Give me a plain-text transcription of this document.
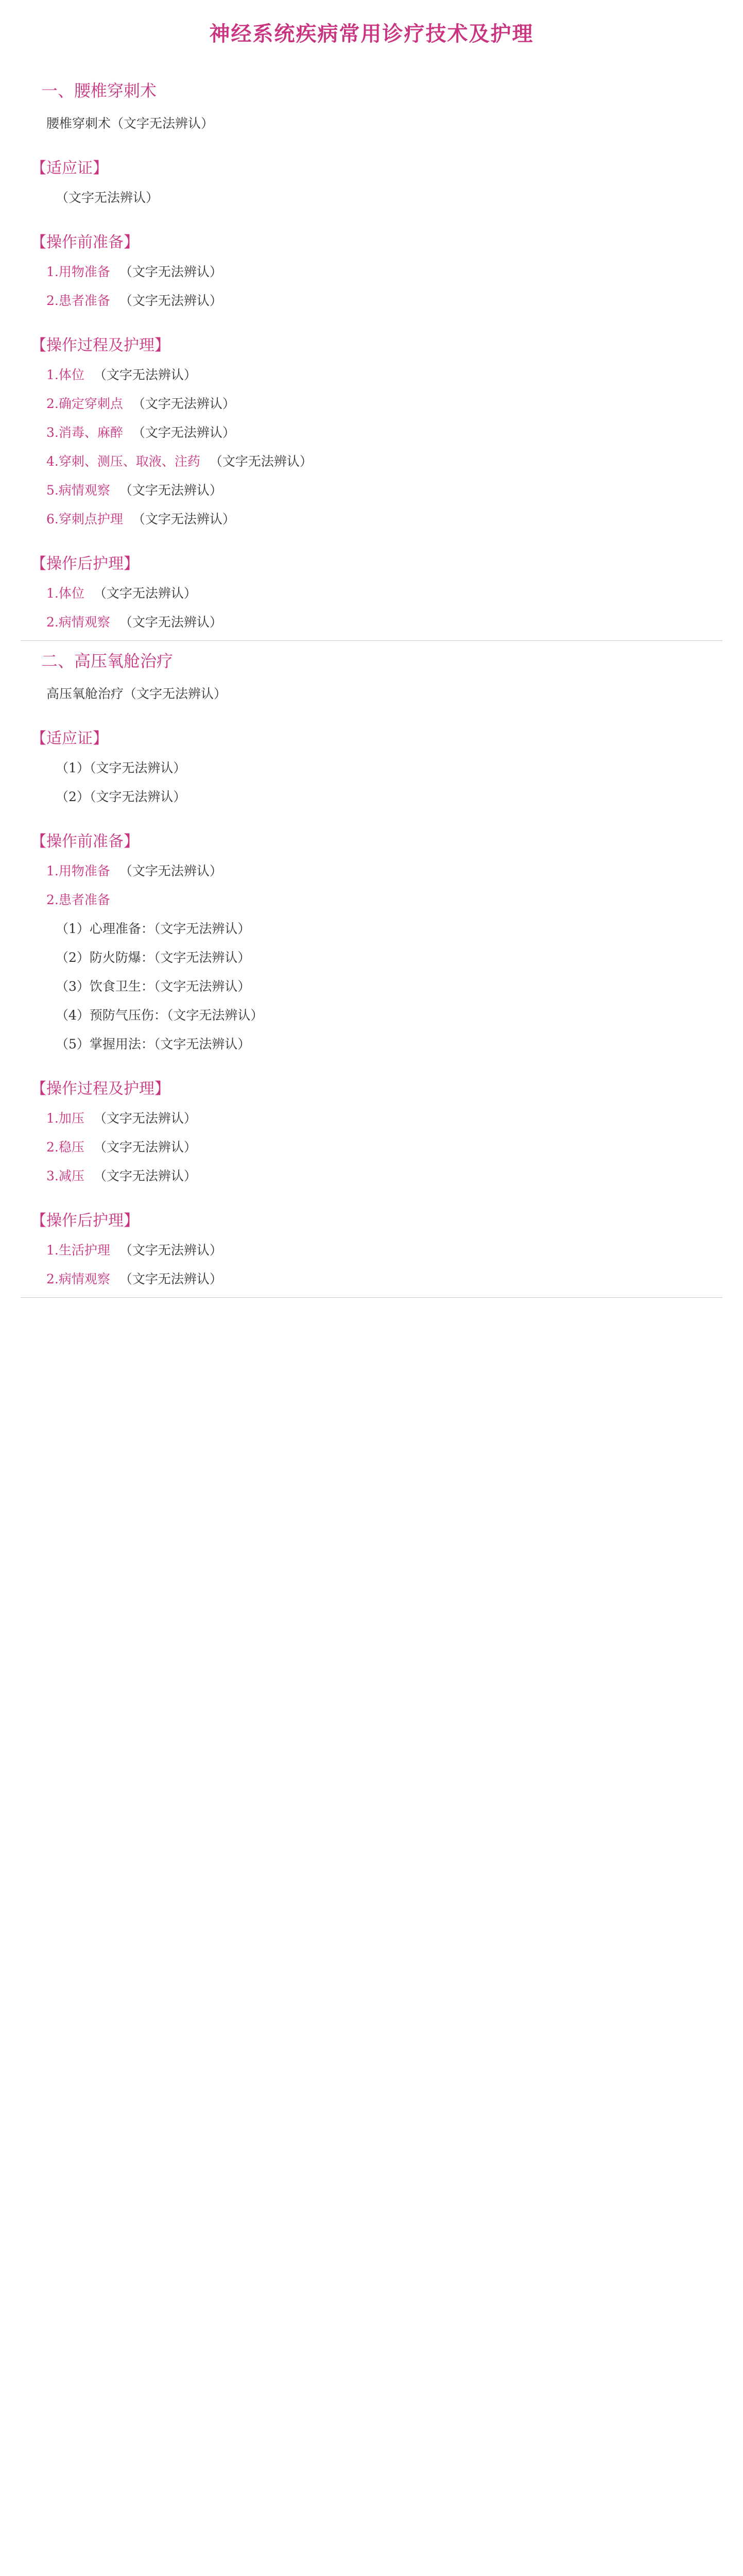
神经系统疾病常用诊疗技术及护理
一、腰椎穿刺术

腰椎穿刺术（文字无法辨认）

【适应证】

（文字无法辨认）

【操作前准备】

1.用物准备 （文字无法辨认）

2.患者准备 （文字无法辨认）

【操作过程及护理】

1.体位 （文字无法辨认）

2.确定穿刺点 （文字无法辨认）

3.消毒、麻醉 （文字无法辨认）

4.穿刺、测压、取液、注药 （文字无法辨认）

5.病情观察 （文字无法辨认）

6.穿刺点护理 （文字无法辨认）

【操作后护理】

1.体位 （文字无法辨认）

2.病情观察 （文字无法辨认）

二、高压氧舱治疗

高压氧舱治疗（文字无法辨认）

【适应证】

（1）（文字无法辨认）

（2）（文字无法辨认）

【操作前准备】

1.用物准备 （文字无法辨认）

2.患者准备

（1）心理准备：（文字无法辨认）

（2）防火防爆：（文字无法辨认）

（3）饮食卫生：（文字无法辨认）

（4）预防气压伤：（文字无法辨认）

（5）掌握用法：（文字无法辨认）

【操作过程及护理】

1.加压 （文字无法辨认）

2.稳压 （文字无法辨认）

3.减压 （文字无法辨认）

【操作后护理】

1.生活护理 （文字无法辨认）

2.病情观察 （文字无法辨认）
